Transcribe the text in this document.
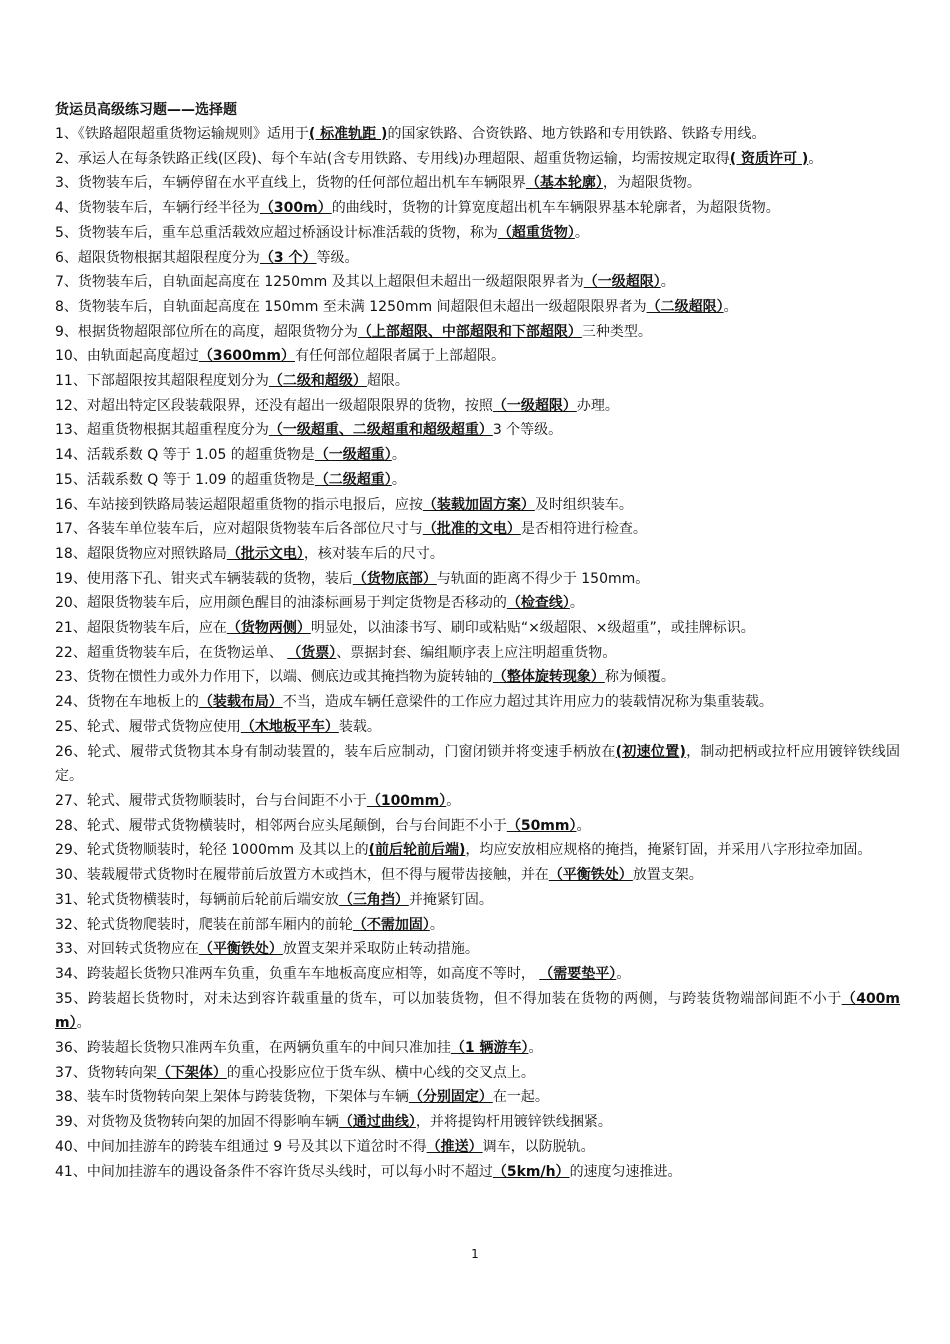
货运员高级练习题——选择题
1、《铁路超限超重货物运输规则》适用于( 标准轨距 )的国家铁路、合资铁路、地方铁路和专用铁路、铁路专用线。
2、承运人在每条铁路正线(区段)、每个车站(含专用铁路、专用线)办理超限、超重货物运输，均需按规定取得( 资质许可 )。
3、货物装车后，车辆停留在水平直线上，货物的任何部位超出机车车辆限界（基本轮廓），为超限货物。
4、货物装车后，车辆行经半径为（300m）的曲线时，货物的计算宽度超出机车车辆限界基本轮廓者，为超限货物。
5、货物装车后，重车总重活载效应超过桥涵设计标准活载的货物，称为（超重货物）。
6、超限货物根据其超限程度分为（3 个）等级。
7、货物装车后，自轨面起高度在 1250mm 及其以上超限但未超出一级超限限界者为（一级超限）。
8、货物装车后，自轨面起高度在 150mm 至未满 1250mm 间超限但未超出一级超限限界者为（二级超限）。
9、根据货物超限部位所在的高度，超限货物分为（上部超限、中部超限和下部超限）三种类型。
10、由轨面起高度超过（3600mm）有任何部位超限者属于上部超限。
11、下部超限按其超限程度划分为（二级和超级）超限。
12、对超出特定区段装载限界，还没有超出一级超限限界的货物，按照（一级超限）办理。
13、超重货物根据其超重程度分为（一级超重、二级超重和超级超重）3 个等级。
14、活载系数 Q 等于 1.05 的超重货物是（一级超重）。
15、活载系数 Q 等于 1.09 的超重货物是（二级超重）。
16、车站接到铁路局装运超限超重货物的指示电报后，应按（装载加固方案）及时组织装车。
17、各装车单位装车后，应对超限货物装车后各部位尺寸与（批准的文电）是否相符进行检查。
18、超限货物应对照铁路局（批示文电），核对装车后的尺寸。
19、使用落下孔、钳夹式车辆装载的货物，装后（货物底部）与轨面的距离不得少于 150mm。
20、超限货物装车后，应用颜色醒目的油漆标画易于判定货物是否移动的（检查线）。
21、超限货物装车后，应在（货物两侧）明显处，以油漆书写、刷印或粘贴“×级超限、×级超重”，或挂牌标识。
22、超重货物装车后，在货物运单、 （货票）、票据封套、编组顺序表上应注明超重货物。
23、货物在惯性力或外力作用下，以端、侧底边或其掩挡物为旋转轴的（整体旋转现象）称为倾覆。
24、货物在车地板上的（装载布局）不当，造成车辆任意梁件的工作应力超过其许用应力的装载情况称为集重装载。
25、轮式、履带式货物应使用（木地板平车）装载。
26、轮式、履带式货物其本身有制动装置的，装车后应制动，门窗闭锁并将变速手柄放在(初速位置)，制动把柄或拉杆应用镀锌铁线固定。
27、轮式、履带式货物顺装时，台与台间距不小于（100mm）。
28、轮式、履带式货物横装时，相邻两台应头尾颠倒，台与台间距不小于（50mm）。
29、轮式货物顺装时，轮径 1000mm 及其以上的(前后轮前后端)，均应安放相应规格的掩挡，掩紧钉固，并采用八字形拉牵加固。
30、装载履带式货物时在履带前后放置方木或挡木，但不得与履带齿接触，并在（平衡铁处）放置支架。
31、轮式货物横装时，每辆前后轮前后端安放（三角挡）并掩紧钉固。
32、轮式货物爬装时，爬装在前部车厢内的前轮（不需加固）。
33、对回转式货物应在（平衡铁处）放置支架并采取防止转动措施。
34、跨装超长货物只准两车负重，负重车车地板高度应相等，如高度不等时， （需要垫平）。
35、跨装超长货物时，对未达到容许载重量的货车，可以加装货物，但不得加装在货物的两侧，与跨装货物端部间距不小于（400mm）。
36、跨装超长货物只准两车负重，在两辆负重车的中间只准加挂（1 辆游车）。
37、货物转向架（下架体）的重心投影应位于货车纵、横中心线的交叉点上。
38、装车时货物转向架上架体与跨装货物，下架体与车辆（分别固定）在一起。
39、对货物及货物转向架的加固不得影响车辆（通过曲线），并将提钩杆用镀锌铁线捆紧。
40、中间加挂游车的跨装车组通过 9 号及其以下道岔时不得（推送）调车，以防脱轨。
41、中间加挂游车的遇设备条件不容许货尽头线时，可以每小时不超过（5km/h）的速度匀速推进。
1
